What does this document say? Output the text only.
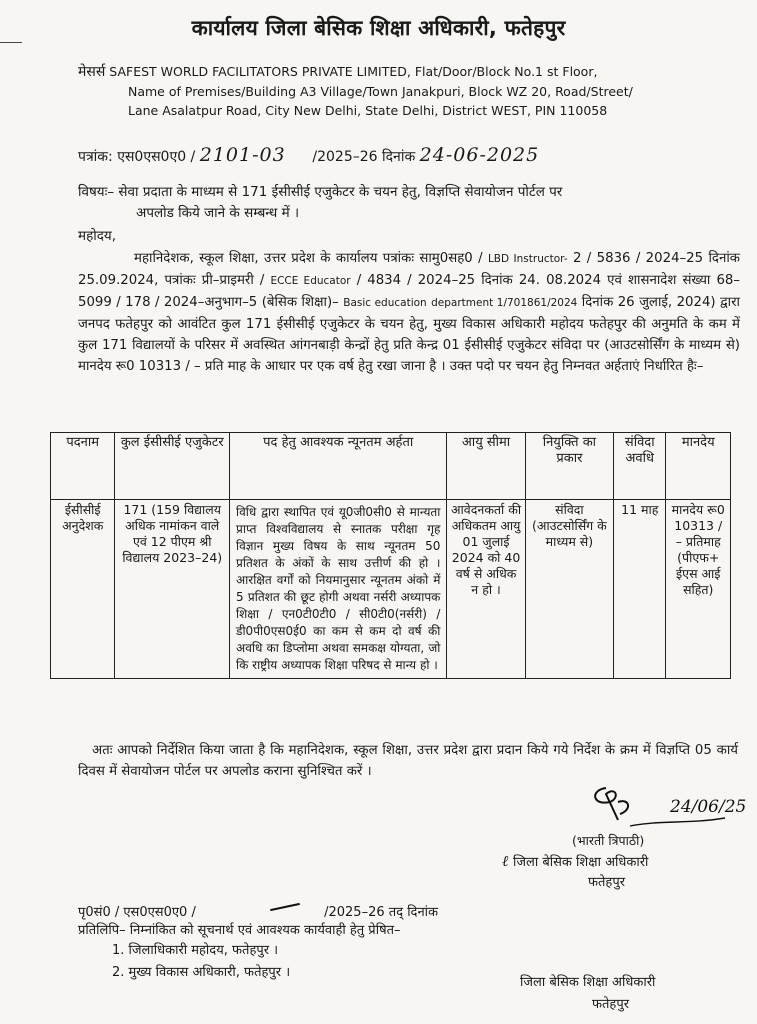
कार्यालय जिला बेसिक शिक्षा अधिकारी, फतेहपुर
मेसर्स SAFEST WORLD FACILITATORS PRIVATE LIMITED, Flat/Door/Block No.1 st Floor,
Name of Premises/Building A3 Village/Town Janakpuri, Block WZ 20, Road/Street/
Lane Asalatpur Road, City New Delhi, State Delhi, District WEST, PIN 110058
पत्रांक: एस0एस0ए0 / 2101-03 /2025–26 दिनांक 24-06-2025
विषयः– सेवा प्रदाता के माध्यम से 171 ईसीसीई एजुकेटर के चयन हेतु, विज्ञप्ति सेवायोजन पोर्टल पर
अपलोड किये जाने के सम्बन्ध में ।
महोदय,
महानिदेशक, स्कूल शिक्षा, उत्तर प्रदेश के कार्यालय पत्रांकः सामु0सह0 / LBD Instructor- 2 / 5836 / 2024–25 दिनांक 25.09.2024, पत्रांकः प्री–प्राइमरी / ECCE Educator / 4834 / 2024–25 दिनांक 24. 08.2024 एवं शासनादेश संख्या 68–5099 / 178 / 2024–अनुभाग–5 (बेसिक शिक्षा)– Basic education department 1/701861/2024 दिनांक 26 जुलाई, 2024) द्वारा जनपद फतेहपुर को आवंटित कुल 171 ईसीसीई एजुकेटर के चयन हेतु, मुख्य विकास अधिकारी महोदय फतेहपुर की अनुमति के कम में कुल 171 विद्यालयों के परिसर में अवस्थित आंगनबाड़ी केन्द्रों हेतु प्रति केन्द्र 01 ईसीसीई एजुकेटर संविदा पर (आउटसोर्सिंग के माध्यम से) मानदेय रू0 10313 / – प्रति माह के आधार पर एक वर्ष हेतु रखा जाना है । उक्त पदो पर चयन हेतु निम्नवत अर्हताएं निर्धारित हैः–
पदनाम	कुल ईसीसीई एजुकेटर	पद हेतु आवश्यक न्यूनतम अर्हता	आयु सीमा	नियुक्ति का प्रकार	संविदा अवधि	मानदेय
ईसीसीई अनुदेशक	171 (159 विद्यालय अधिक नामांकन वाले एवं 12 पीएम श्री विद्यालय 2023–24)	विधि द्वारा स्थापित एवं यू0जी0सी0 से मान्यता प्राप्त विश्वविद्यालय से स्नातक परीक्षा गृह विज्ञान मुख्य विषय के साथ न्यूनतम 50 प्रतिशत के अंकों के साथ उत्तीर्ण की हो । आरक्षित वर्गों को नियमानुसार न्यूनतम अंको में 5 प्रतिशत की छूट होगी अथवा नर्सरी अध्यापक शिक्षा / एन0टी0टी0 / सी0टी0(नर्सरी) / डी0पी0एस0ई0 का कम से कम दो वर्ष की अवधि का डिप्लोमा अथवा समकक्ष योग्यता, जो कि राष्ट्रीय अध्यापक शिक्षा परिषद से मान्य हो ।	आवेदनकर्ता की अधिकतम आयु 01 जुलाई 2024 को 40 वर्ष से अधिक न हो ।	संविदा (आउटसोर्सिंग के माध्यम से)	11 माह	मानदेय रू0 10313 / – प्रतिमाह (पीएफ+ ईएस आई सहित)
अतः आपको निर्देशित किया जाता है कि महानिदेशक, स्कूल शिक्षा, उत्तर प्रदेश द्वारा प्रदान किये गये निर्देश के क्रम में विज्ञप्ति 05 कार्य दिवस में सेवायोजन पोर्टल पर अपलोड कराना सुनिश्चित करें ।
24/06/25
(भारती त्रिपाठी)
ℓ जिला बेसिक शिक्षा अधिकारी
फतेहपुर
पृ0सं0 / एस0एस0ए0 /	/2025–26 तद् दिनांक
प्रतिलिपि– निम्नांकित को सूचनार्थ एवं आवश्यक कार्यवाही हेतु प्रेषित–
1. जिलाधिकारी महोदय, फतेहपुर ।
2. मुख्य विकास अधिकारी, फतेहपुर ।
जिला बेसिक शिक्षा अधिकारी
फतेहपुर
